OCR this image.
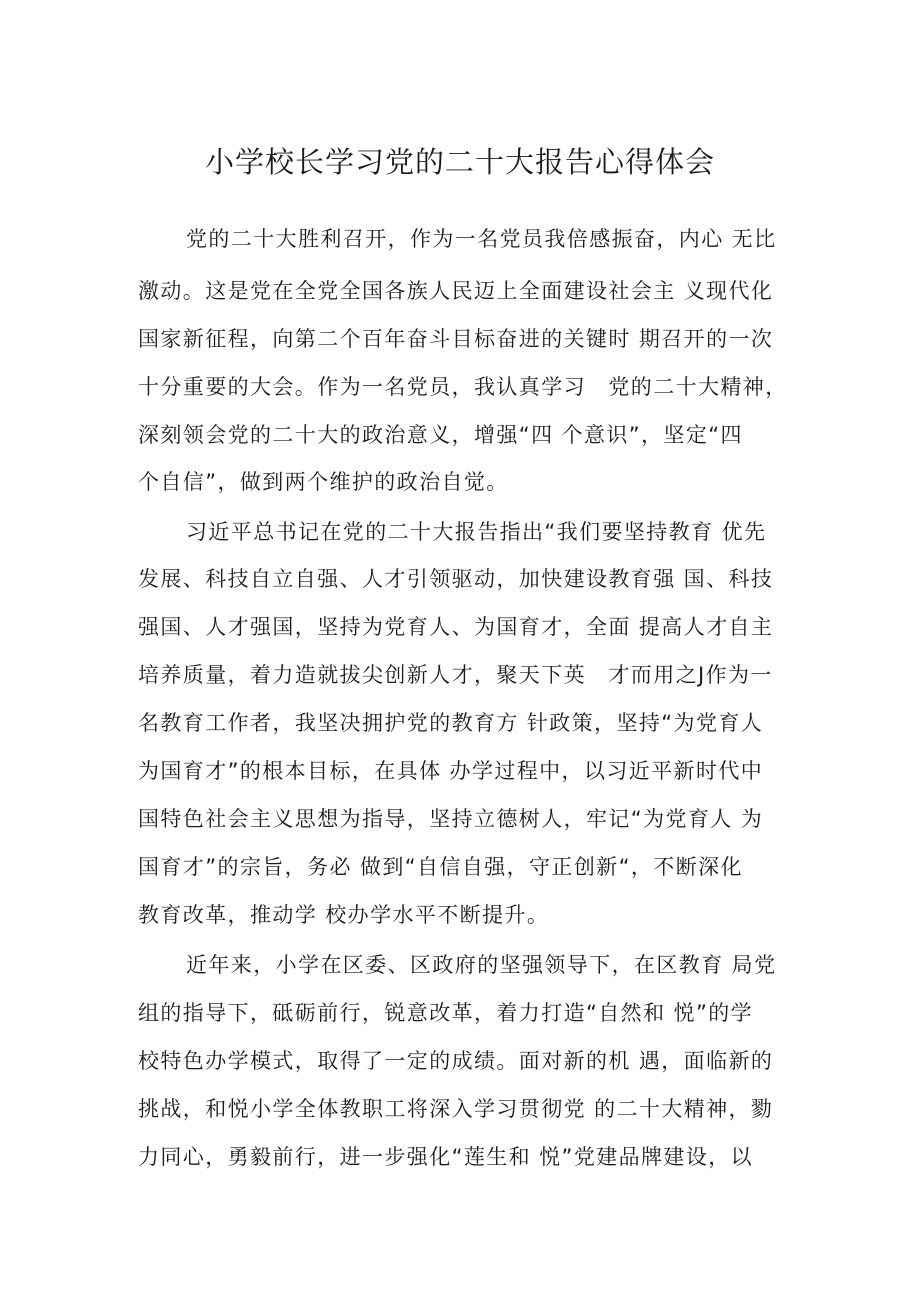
小学校长学习党的二十大报告心得体会

党的二十大胜利召开，作为一名党员我倍感振奋，内心 无比

激动。这是党在全党全国各族人民迈上全面建设社会主 义现代化

国家新征程，向第二个百年奋斗目标奋进的关键时 期召开的一次

十分重要的大会。作为一名党员，我认真学习　党的二十大精神，

深刻领会党的二十大的政治意义，增强“四 个意识”，坚定“四

个自信”，做到两个维护的政治自觉。

习近平总书记在党的二十大报告指出“我们要坚持教育 优先

发展、科技自立自强、人才引领驱动，加快建设教育强 国、科技

强国、人才强国，坚持为党育人、为国育才，全面 提高人才自主

培养质量，着力造就拔尖创新人才，聚天下英　才而用之J作为一

名教育工作者，我坚决拥护党的教育方 针政策，坚持“为党育人

为国育才”的根本目标，在具体 办学过程中，以习近平新时代中

国特色社会主义思想为指导，坚持立德树人，牢记“为党育人 为

国育才”的宗旨，务必 做到“自信自强，守正创新“，不断深化

教育改革，推动学 校办学水平不断提升。

近年来，小学在区委、区政府的坚强领导下，在区教育 局党

组的指导下，砥砺前行，锐意改革，着力打造“自然和 悦”的学

校特色办学模式，取得了一定的成绩。面对新的机 遇，面临新的

挑战，和悦小学全体教职工将深入学习贯彻党 的二十大精神，勠

力同心，勇毅前行，进一步强化“莲生和 悦”党建品牌建设，以
